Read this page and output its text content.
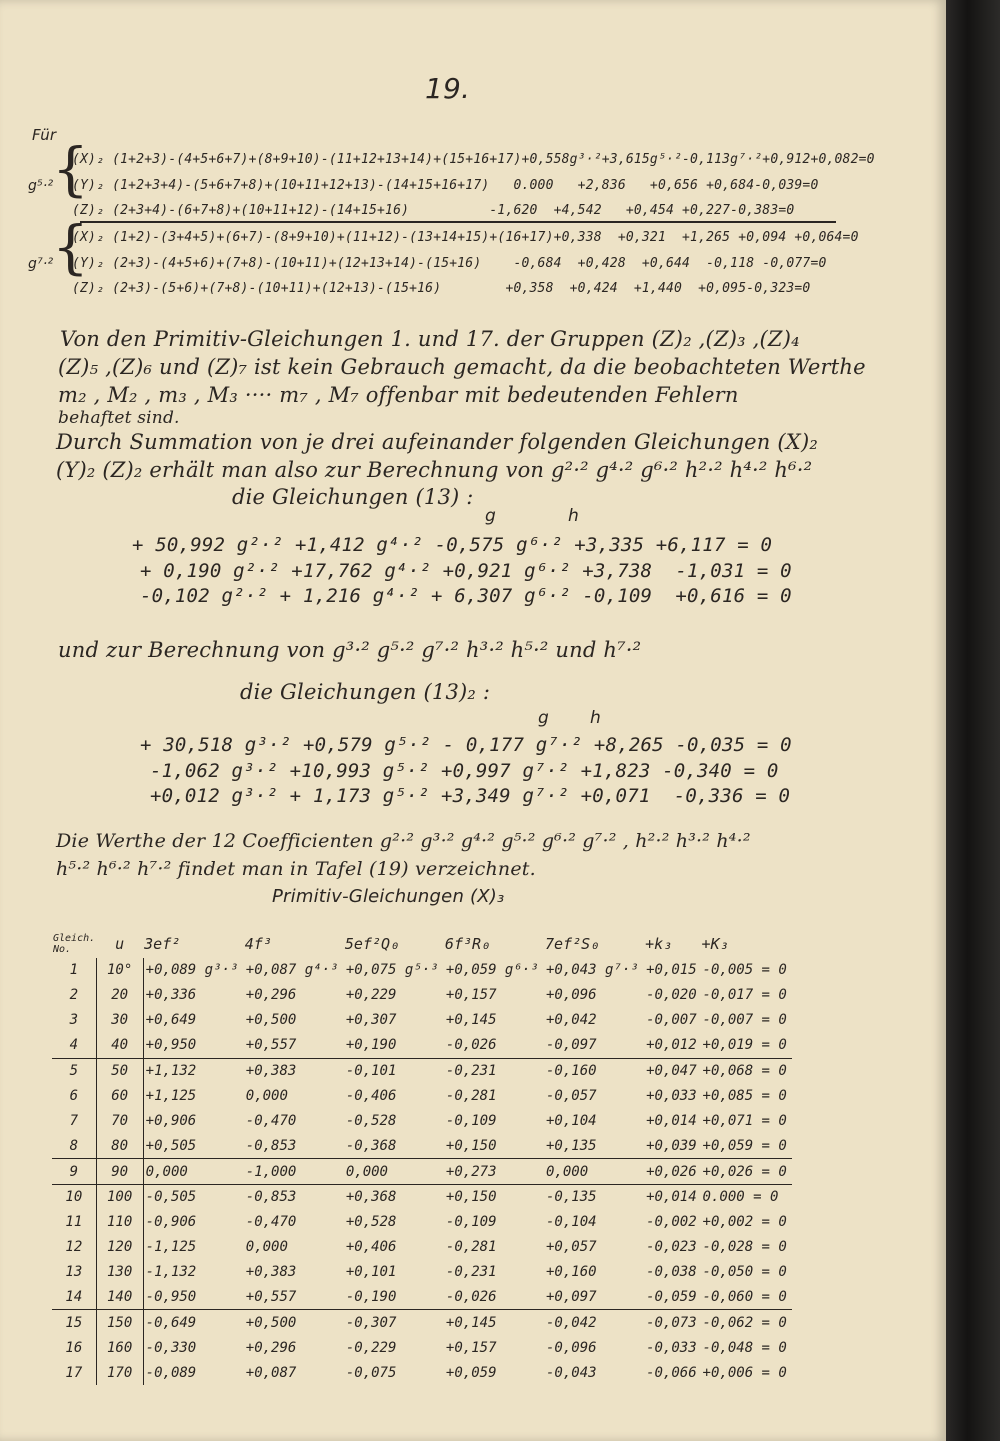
19.

Für

g⁵·²

{

(X)₂ (1+2+3)-(4+5+6+7)+(8+9+10)-(11+12+13+14)+(15+16+17)+0,558g³·²+3,615g⁵·²-0,113g⁷·²+0,912+0,082=0

(Y)₂ (1+2+3+4)-(5+6+7+8)+(10+11+12+13)-(14+15+16+17)   0.000   +2,836   +0,656 +0,684-0,039=0

(Z)₂ (2+3+4)-(6+7+8)+(10+11+12)-(14+15+16)          -1,620  +4,542   +0,454 +0,227-0,383=0

g⁷·²

{

(X)₂ (1+2)-(3+4+5)+(6+7)-(8+9+10)+(11+12)-(13+14+15)+(16+17)+0,338  +0,321  +1,265 +0,094 +0,064=0

(Y)₂ (2+3)-(4+5+6)+(7+8)-(10+11)+(12+13+14)-(15+16)    -0,684  +0,428  +0,644  -0,118 -0,077=0

(Z)₂ (2+3)-(5+6)+(7+8)-(10+11)+(12+13)-(15+16)        +0,358  +0,424  +1,440  +0,095-0,323=0

Von den Primitiv-Gleichungen 1. und 17. der Gruppen (Z)₂ ,(Z)₃ ,(Z)₄

(Z)₅ ,(Z)₆ und (Z)₇ ist kein Gebrauch gemacht, da die beobachteten Werthe

m₂ , M₂ , m₃ , M₃ ···· m₇ , M₇ offenbar mit bedeutenden Fehlern

behaftet sind.

Durch Summation von je drei aufeinander folgenden Gleichungen (X)₂

(Y)₂ (Z)₂ erhält man also zur Berechnung von g²·² g⁴·² g⁶·² h²·² h⁴·² h⁶·²

die Gleichungen (13) :

g	h

+ 50,992 g²·² +1,412 g⁴·² -0,575 g⁶·² +3,335 +6,117 = 0

+ 0,190 g²·² +17,762 g⁴·² +0,921 g⁶·² +3,738  -1,031 = 0

-0,102 g²·² + 1,216 g⁴·² + 6,307 g⁶·² -0,109  +0,616 = 0

und zur Berechnung von g³·² g⁵·² g⁷·² h³·² h⁵·² und h⁷·²

die Gleichungen (13)₂ :

g h

+ 30,518 g³·² +0,579 g⁵·² - 0,177 g⁷·² +8,265 -0,035 = 0

-1,062 g³·² +10,993 g⁵·² +0,997 g⁷·² +1,823 -0,340 = 0

+0,012 g³·² + 1,173 g⁵·² +3,349 g⁷·² +0,071  -0,336 = 0

Die Werthe der 12 Coefficienten g²·² g³·² g⁴·² g⁵·² g⁶·² g⁷·² , h²·² h³·² h⁴·²

h⁵·² h⁶·² h⁷·² findet man in Tafel (19) verzeichnet.

Primitiv-Gleichungen (X)₃

Gleich. No.	u	3ef²	4f³	5ef²Q₀	6f³R₀	7ef²S₀	+k₃	+K₃
1	10°	+0,089 g³·³	+0,087 g⁴·³	+0,075 g⁵·³	+0,059 g⁶·³	+0,043 g⁷·³	+0,015	-0,005 = 0
2	20	+0,336	+0,296	+0,229	+0,157	+0,096	-0,020	-0,017 = 0
3	30	+0,649	+0,500	+0,307	+0,145	+0,042	-0,007	-0,007 = 0
4	40	+0,950	+0,557	+0,190	-0,026	-0,097	+0,012	+0,019 = 0
5	50	+1,132	+0,383	-0,101	-0,231	-0,160	+0,047	+0,068 = 0
6	60	+1,125	0,000	-0,406	-0,281	-0,057	+0,033	+0,085 = 0
7	70	+0,906	-0,470	-0,528	-0,109	+0,104	+0,014	+0,071 = 0
8	80	+0,505	-0,853	-0,368	+0,150	+0,135	+0,039	+0,059 = 0
9	90	0,000	-1,000	0,000	+0,273	0,000	+0,026	+0,026 = 0
10	100	-0,505	-0,853	+0,368	+0,150	-0,135	+0,014	0.000 = 0
11	110	-0,906	-0,470	+0,528	-0,109	-0,104	-0,002	+0,002 = 0
12	120	-1,125	0,000	+0,406	-0,281	+0,057	-0,023	-0,028 = 0
13	130	-1,132	+0,383	+0,101	-0,231	+0,160	-0,038	-0,050 = 0
14	140	-0,950	+0,557	-0,190	-0,026	+0,097	-0,059	-0,060 = 0
15	150	-0,649	+0,500	-0,307	+0,145	-0,042	-0,073	-0,062 = 0
16	160	-0,330	+0,296	-0,229	+0,157	-0,096	-0,033	-0,048 = 0
17	170	-0,089	+0,087	-0,075	+0,059	-0,043	-0,066	+0,006 = 0
